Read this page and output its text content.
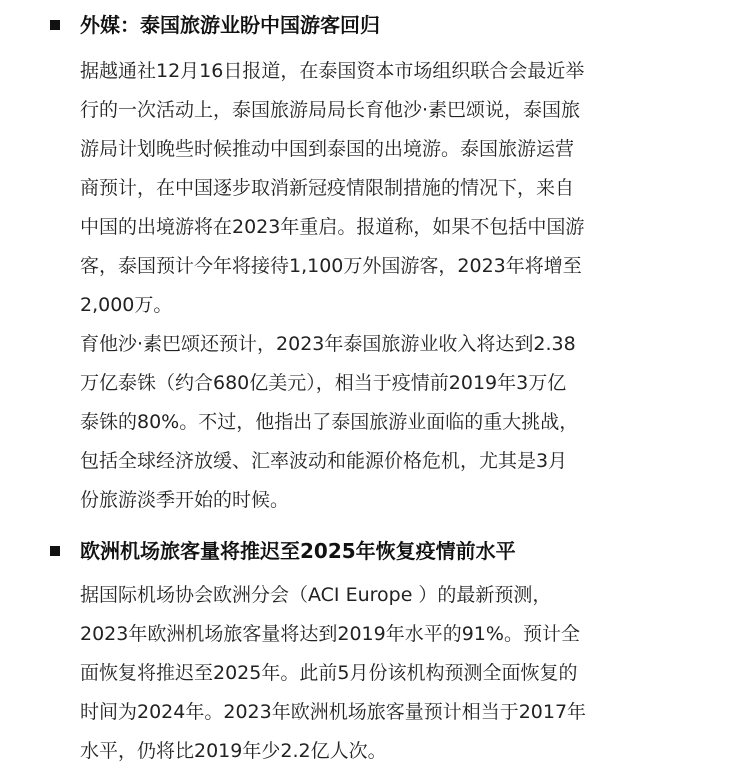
外媒：泰国旅游业盼中国游客回归
据越通社12月16日报道，在泰国资本市场组织联合会最近举
行的一次活动上，泰国旅游局局长育他沙·素巴颂说，泰国旅
游局计划晚些时候推动中国到泰国的出境游。泰国旅游运营
商预计，在中国逐步取消新冠疫情限制措施的情况下，来自
中国的出境游将在2023年重启。报道称，如果不包括中国游
客，泰国预计今年将接待1,100万外国游客，2023年将增至
2,000万。
育他沙·素巴颂还预计，2023年泰国旅游业收入将达到2.38
万亿泰铢（约合680亿美元），相当于疫情前2019年3万亿
泰铢的80%。不过，他指出了泰国旅游业面临的重大挑战，
包括全球经济放缓、汇率波动和能源价格危机，尤其是3月
份旅游淡季开始的时候。
欧洲机场旅客量将推迟至2025年恢复疫情前水平
据国际机场协会欧洲分会（ACI Europe ）的最新预测，
2023年欧洲机场旅客量将达到2019年水平的91%。预计全
面恢复将推迟至2025年。此前5月份该机构预测全面恢复的
时间为2024年。2023年欧洲机场旅客量预计相当于2017年
水平，仍将比2019年少2.2亿人次。
